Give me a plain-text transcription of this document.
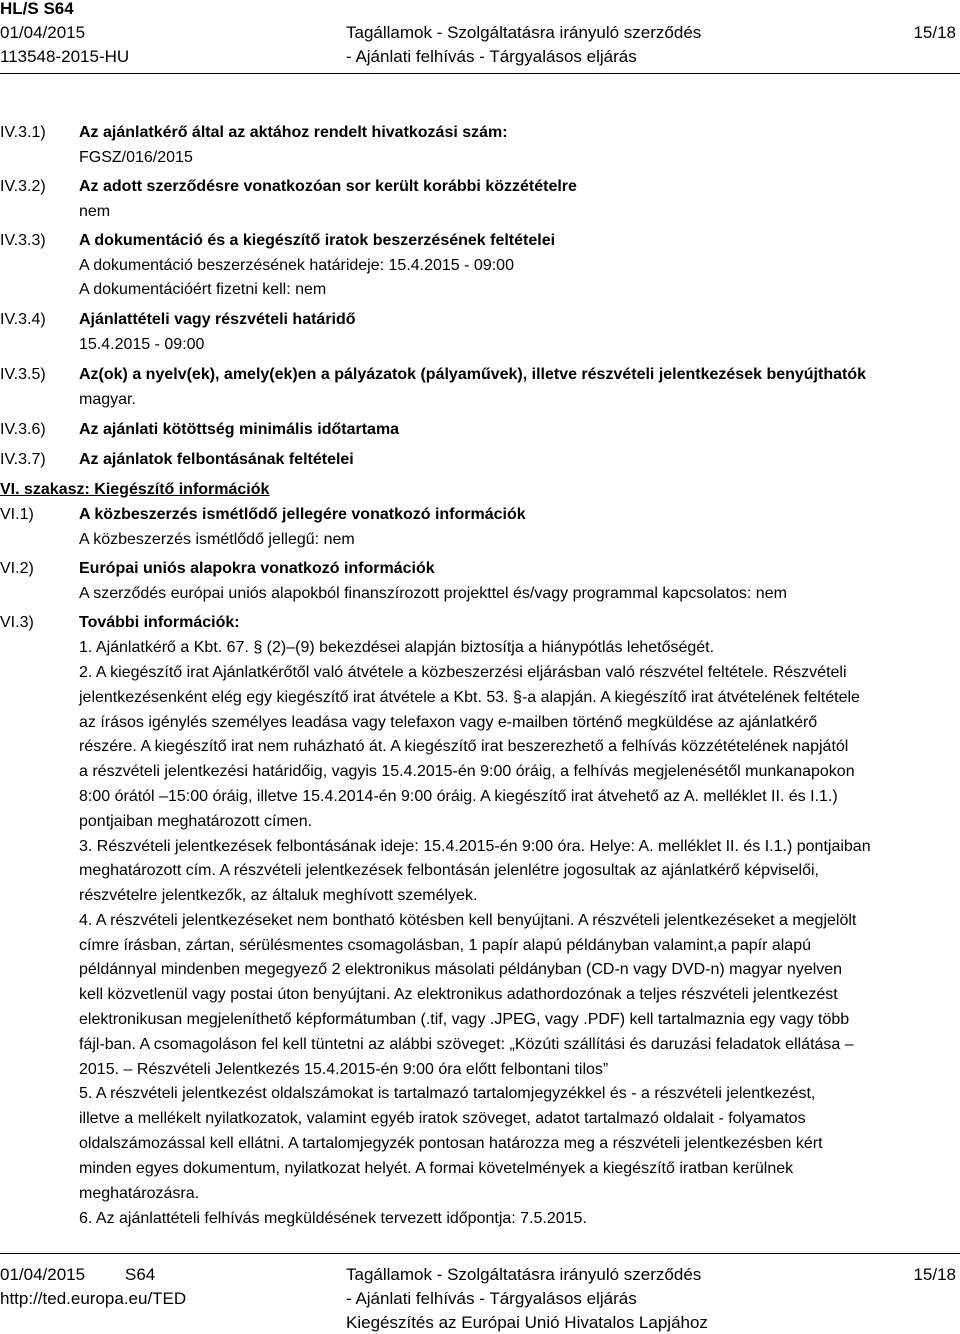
HL/S S64
01/04/2015
113548-2015-HU
Tagállamok - Szolgáltatásra irányuló szerződés
- Ajánlati felhívás - Tárgyalásos eljárás
15/18
IV.3.1) Az ajánlatkérő által az aktához rendelt hivatkozási szám:
FGSZ/016/2015
IV.3.2) Az adott szerződésre vonatkozóan sor került korábbi közzétételre
nem
IV.3.3) A dokumentáció és a kiegészítő iratok beszerzésének feltételei
A dokumentáció beszerzésének határideje: 15.4.2015 - 09:00
A dokumentációért fizetni kell: nem
IV.3.4) Ajánlattételi vagy részvételi határidő
15.4.2015 - 09:00
IV.3.5) Az(ok) a nyelv(ek), amely(ek)en a pályázatok (pályaművek), illetve részvételi jelentkezések benyújthatók
magyar.
IV.3.6) Az ajánlati kötöttség minimális időtartama
IV.3.7) Az ajánlatok felbontásának feltételei
VI. szakasz: Kiegészítő információk
VI.1)	A közbeszerzés ismétlődő jellegére vonatkozó információk
A közbeszerzés ismétlődő jellegű: nem
VI.2)	Európai uniós alapokra vonatkozó információk
A szerződés európai uniós alapokból finanszírozott projekttel és/vagy programmal kapcsolatos: nem
VI.3)	További információk:
1. Ajánlatkérő a Kbt. 67. § (2)–(9) bekezdései alapján biztosítja a hiánypótlás lehetőségét.
2. A kiegészítő irat Ajánlatkérőtől való átvétele a közbeszerzési eljárásban való részvétel feltétele. Részvételi
jelentkezésenként elég egy kiegészítő irat átvétele a Kbt. 53. §-a alapján. A kiegészítő irat átvételének feltétele
az írásos igénylés személyes leadása vagy telefaxon vagy e-mailben történő megküldése az ajánlatkérő
részére. A kiegészítő irat nem ruházható át. A kiegészítő irat beszerezhető a felhívás közzétételének napjától
a részvételi jelentkezési határidőig, vagyis 15.4.2015-én 9:00 óráig, a felhívás megjelenésétől munkanapokon
8:00 órától –15:00 óráig, illetve 15.4.2014-én 9:00 óráig. A kiegészítő irat átvehető az A. melléklet II. és I.1.)
pontjaiban meghatározott címen.
3. Részvételi jelentkezések felbontásának ideje: 15.4.2015-én 9:00 óra. Helye: A. melléklet II. és I.1.) pontjaiban
meghatározott cím. A részvételi jelentkezések felbontásán jelenlétre jogosultak az ajánlatkérő képviselői,
részvételre jelentkezők, az általuk meghívott személyek.
4. A részvételi jelentkezéseket nem bontható kötésben kell benyújtani. A részvételi jelentkezéseket a megjelölt
címre írásban, zártan, sérülésmentes csomagolásban, 1 papír alapú példányban valamint,a papír alapú
példánnyal mindenben megegyező 2 elektronikus másolati példányban (CD-n vagy DVD-n) magyar nyelven
kell közvetlenül vagy postai úton benyújtani. Az elektronikus adathordozónak a teljes részvételi jelentkezést
elektronikusan megjeleníthető képformátumban (.tif, vagy .JPEG, vagy .PDF) kell tartalmaznia egy vagy több
fájl-ban. A csomagoláson fel kell tüntetni az alábbi szöveget: „Közúti szállítási és daruzási feladatok ellátása –
2015. – Részvételi Jelentkezés 15.4.2015-én 9:00 óra előtt felbontani tilos”
5. A részvételi jelentkezést oldalszámokat is tartalmazó tartalomjegyzékkel és - a részvételi jelentkezést,
illetve a mellékelt nyilatkozatok, valamint egyéb iratok szöveget, adatot tartalmazó oldalait - folyamatos
oldalszámozással kell ellátni. A tartalomjegyzék pontosan határozza meg a részvételi jelentkezésben kért
minden egyes dokumentum, nyilatkozat helyét. A formai követelmények a kiegészítő iratban kerülnek
meghatározásra.
6. Az ajánlattételi felhívás megküldésének tervezett időpontja: 7.5.2015.
01/04/2015 S64
http://ted.europa.eu/TED
Tagállamok - Szolgáltatásra irányuló szerződés
- Ajánlati felhívás - Tárgyalásos eljárás
Kiegészítés az Európai Unió Hivatalos Lapjához
15/18
